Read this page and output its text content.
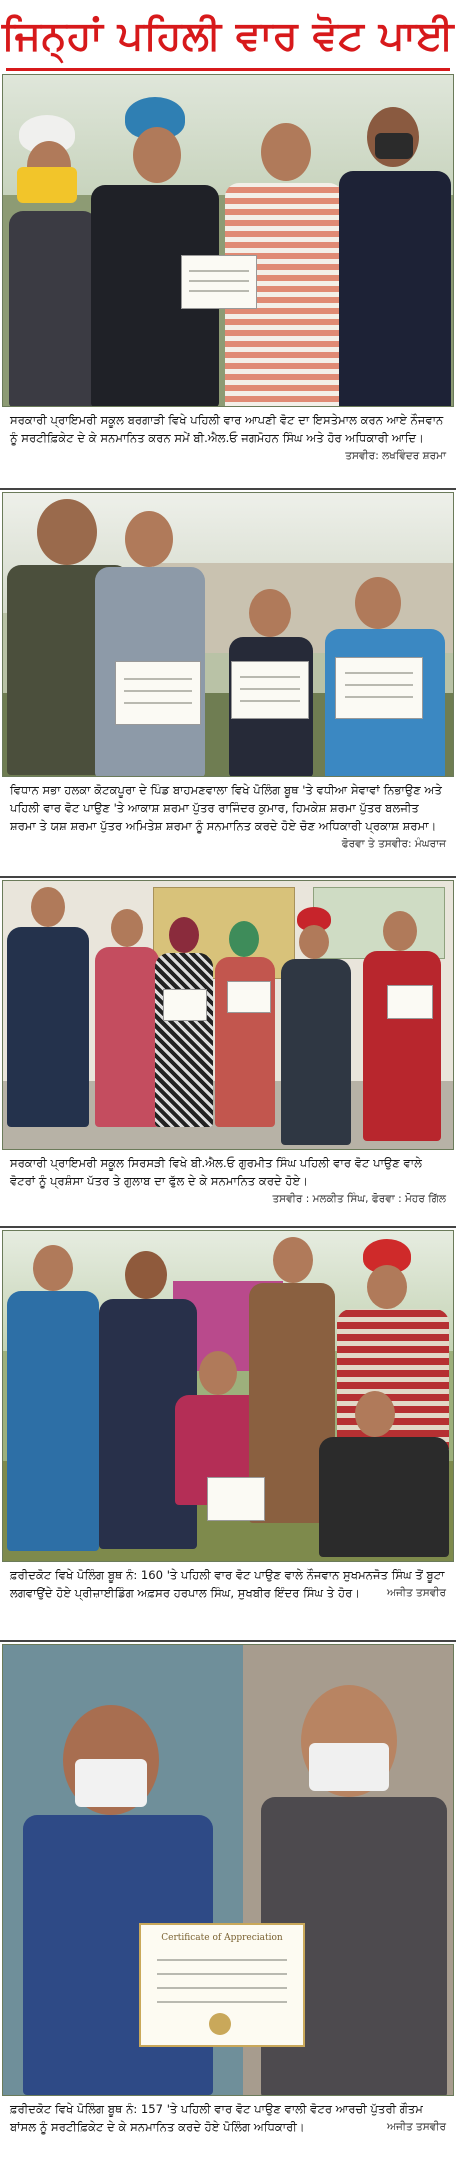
ਜਿਨ੍ਹਾਂ ਪਹਿਲੀ ਵਾਰ ਵੋਟ ਪਾਈ
ਸਰਕਾਰੀ ਪ੍ਰਾਇਮਰੀ ਸਕੂਲ ਬਰਗਾੜੀ ਵਿਖੇ ਪਹਿਲੀ ਵਾਰ ਆਪਣੀ ਵੋਟ ਦਾ ਇਸਤੇਮਾਲ ਕਰਨ ਆਏ ਨੌਜਵਾਨ ਨੂੰ ਸਰਟੀਫ਼ਿਕੇਟ ਦੇ ਕੇ ਸਨਮਾਨਿਤ ਕਰਨ ਸਮੇਂ ਬੀ.ਐਲ.ਓ ਜਗਮੋਹਨ ਸਿੰਘ ਅਤੇ ਹੋਰ ਅਧਿਕਾਰੀ ਆਦਿ।
ਤਸਵੀਰ: ਲਖਵਿੰਦਰ ਸ਼ਰਮਾ
ਵਿਧਾਨ ਸਭਾ ਹਲਕਾ ਕੋਟਕਪੂਰਾ ਦੇ ਪਿੰਡ ਬਾਹਮਣਵਾਲਾ ਵਿਖੇ ਪੋਲਿੰਗ ਬੂਥ 'ਤੇ ਵਧੀਆ ਸੇਵਾਵਾਂ ਨਿਭਾਉਣ ਅਤੇ ਪਹਿਲੀ ਵਾਰ ਵੋਟ ਪਾਉਣ 'ਤੇ ਆਕਾਸ਼ ਸ਼ਰਮਾ ਪੁੱਤਰ ਰਾਜਿੰਦਰ ਕੁਮਾਰ, ਹਿਮਕੇਸ਼ ਸ਼ਰਮਾ ਪੁੱਤਰ ਬਲਜੀਤ ਸ਼ਰਮਾ ਤੇ ਯਸ਼ ਸ਼ਰਮਾ ਪੁੱਤਰ ਅਮਿਤੇਸ਼ ਸ਼ਰਮਾ ਨੂੰ ਸਨਮਾਨਿਤ ਕਰਦੇ ਹੋਏ ਚੋਣ ਅਧਿਕਾਰੀ ਪ੍ਰਕਾਸ਼ ਸ਼ਰਮਾ।
ਫੋਰਵਾ ਤੇ ਤਸਵੀਰ: ਮੰਘਰਾਜ
ਸਰਕਾਰੀ ਪ੍ਰਾਇਮਰੀ ਸਕੂਲ ਸਿਰਸੜੀ ਵਿਖੇ ਬੀ.ਐਲ.ਓ ਗੁਰਮੀਤ ਸਿੰਘ ਪਹਿਲੀ ਵਾਰ ਵੋਟ ਪਾਉਣ ਵਾਲੇ ਵੋਟਰਾਂ ਨੂੰ ਪ੍ਰਸ਼ੰਸਾ ਪੱਤਰ ਤੇ ਗੁਲਾਬ ਦਾ ਫੁੱਲ ਦੇ ਕੇ ਸਨਮਾਨਿਤ ਕਰਦੇ ਹੋਏ।
ਤਸਵੀਰ : ਮਲਕੀਤ ਸਿੰਘ, ਫੋਰਵਾ : ਮੋਹਰ ਗਿੱਲ
ਫ਼ਰੀਦਕੋਟ ਵਿਖੇ ਪੋਲਿੰਗ ਬੂਥ ਨੰ: 160 'ਤੇ ਪਹਿਲੀ ਵਾਰ ਵੋਟ ਪਾਉਣ ਵਾਲੇ ਨੌਜਵਾਨ ਸੁਖਮਨਜੋਤ ਸਿੰਘ ਤੋਂ ਬੂਟਾ ਲਗਵਾਉਂਦੇ ਹੋਏ ਪ੍ਰੀਜ਼ਾਈਡਿੰਗ ਅਫ਼ਸਰ ਹਰਪਾਲ ਸਿੰਘ, ਸੁਖਬੀਰ ਇੰਦਰ ਸਿੰਘ ਤੇ ਹੋਰ।	ਅਜੀਤ ਤਸਵੀਰ
Certificate of Appreciation
ਫ਼ਰੀਦਕੋਟ ਵਿਖੇ ਪੋਲਿੰਗ ਬੂਥ ਨੰ: 157 'ਤੇ ਪਹਿਲੀ ਵਾਰ ਵੋਟ ਪਾਉਣ ਵਾਲੀ ਵੋਟਰ ਆਰਚੀ ਪੁੱਤਰੀ ਗੌਤਮ ਬਾਂਸਲ ਨੂੰ ਸਰਟੀਫ਼ਿਕੇਟ ਦੇ ਕੇ ਸਨਮਾਨਿਤ ਕਰਦੇ ਹੋਏ ਪੋਲਿੰਗ ਅਧਿਕਾਰੀ।	ਅਜੀਤ ਤਸਵੀਰ
